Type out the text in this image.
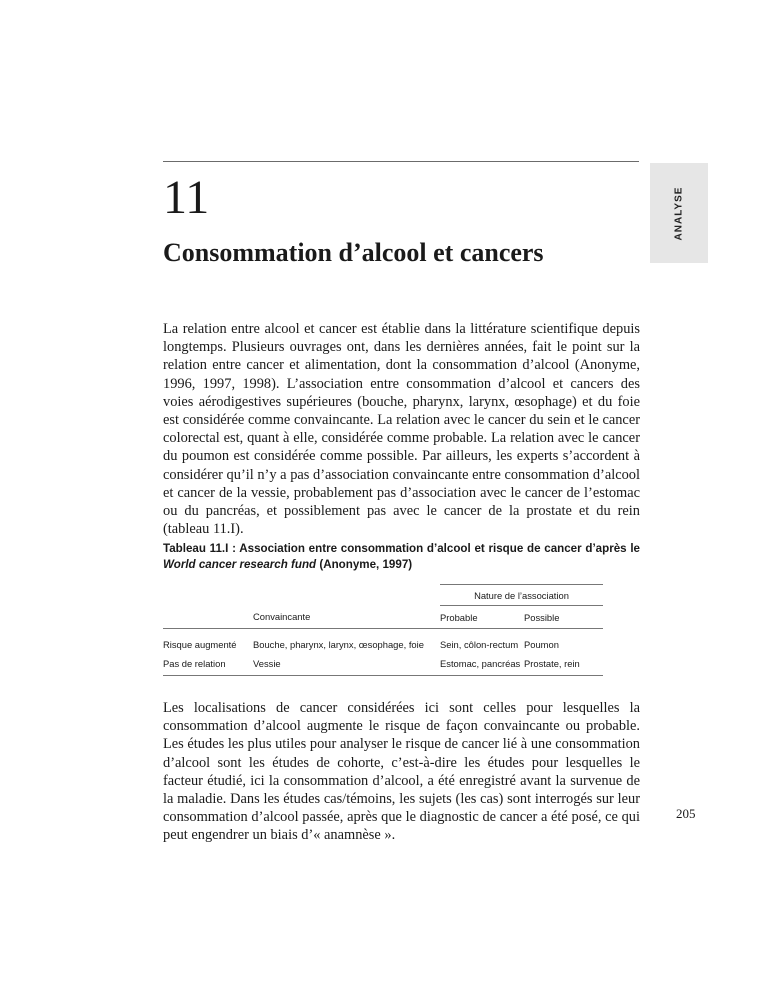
ANALYSE
11
Consommation d’alcool et cancers

La relation entre alcool et cancer est établie dans la littérature scientifique depuis longtemps. Plusieurs ouvrages ont, dans les dernières années, fait le point sur la relation entre cancer et alimentation, dont la consommation d’alcool (Anonyme, 1996, 1997, 1998). L’association entre consommation d’alcool et cancers des voies aérodigestives supérieures (bouche, pharynx, larynx, œsophage) et du foie est considérée comme convaincante. La relation avec le cancer du sein et le cancer colorectal est, quant à elle, considérée comme probable. La relation avec le cancer du poumon est considérée comme possible. Par ailleurs, les experts s’accordent à considérer qu’il n’y a pas d’association convaincante entre consommation d’alcool et cancer de la vessie, probablement pas d’association avec le cancer de l’estomac ou du pancréas, et possiblement pas avec le cancer de la prostate et du rein (tableau 11.I).

Tableau 11.I : Association entre consommation d’alcool et risque de cancer d’après le World cancer research fund (Anonyme, 1997)

		Nature de l’association	
	Convaincante	Probable	Possible
Risque augmenté	Bouche, pharynx, larynx, œsophage, foie	Sein, côlon-rectum	Poumon
Pas de relation	Vessie	Estomac, pancréas	Prostate, rein

Les localisations de cancer considérées ici sont celles pour lesquelles la consommation d’alcool augmente le risque de façon convaincante ou probable. Les études les plus utiles pour analyser le risque de cancer lié à une consommation d’alcool sont les études de cohorte, c’est-à-dire les études pour lesquelles le facteur étudié, ici la consommation d’alcool, a été enregistré avant la survenue de la maladie. Dans les études cas/témoins, les sujets (les cas) sont interrogés sur leur consommation d’alcool passée, après que le diagnostic de cancer a été posé, ce qui peut engendrer un biais d’« anamnèse ».

205
